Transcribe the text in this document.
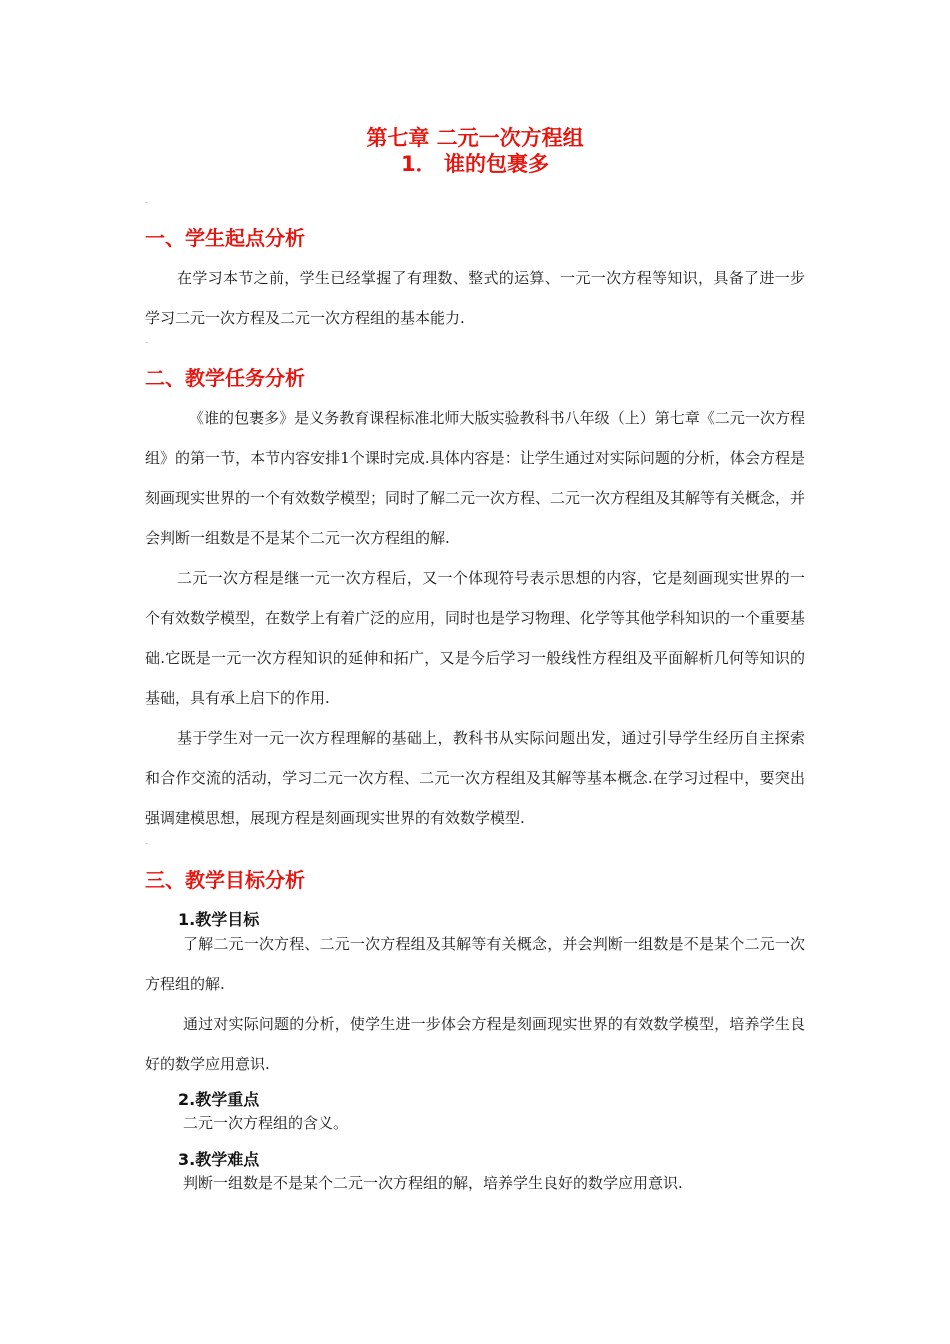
第七章 二元一次方程组
1． 谁的包裹多
一、学生起点分析

在学习本节之前，学生已经掌握了有理数、整式的运算、一元一次方程等知识，具备了进一步学习二元一次方程及二元一次方程组的基本能力.

二、教学任务分析

《谁的包裹多》是义务教育课程标准北师大版实验教科书八年级（上）第七章《二元一次方程组》的第一节，本节内容安排1个课时完成.具体内容是：让学生通过对实际问题的分析，体会方程是刻画现实世界的一个有效数学模型；同时了解二元一次方程、二元一次方程组及其解等有关概念，并会判断一组数是不是某个二元一次方程组的解.

二元一次方程是继一元一次方程后，又一个体现符号表示思想的内容，它是刻画现实世界的一个有效数学模型，在数学上有着广泛的应用，同时也是学习物理、化学等其他学科知识的一个重要基础.它既是一元一次方程知识的延伸和拓广，又是今后学习一般线性方程组及平面解析几何等知识的基础，具有承上启下的作用.

基于学生对一元一次方程理解的基础上，教科书从实际问题出发，通过引导学生经历自主探索和合作交流的活动，学习二元一次方程、二元一次方程组及其解等基本概念.在学习过程中，要突出强调建模思想，展现方程是刻画现实世界的有效数学模型.

三、教学目标分析
1.教学目标

了解二元一次方程、二元一次方程组及其解等有关概念，并会判断一组数是不是某个二元一次方程组的解.

通过对实际问题的分析，使学生进一步体会方程是刻画现实世界的有效数学模型，培养学生良好的数学应用意识.

2.教学重点

二元一次方程组的含义。

3.教学难点

判断一组数是不是某个二元一次方程组的解，培养学生良好的数学应用意识.
